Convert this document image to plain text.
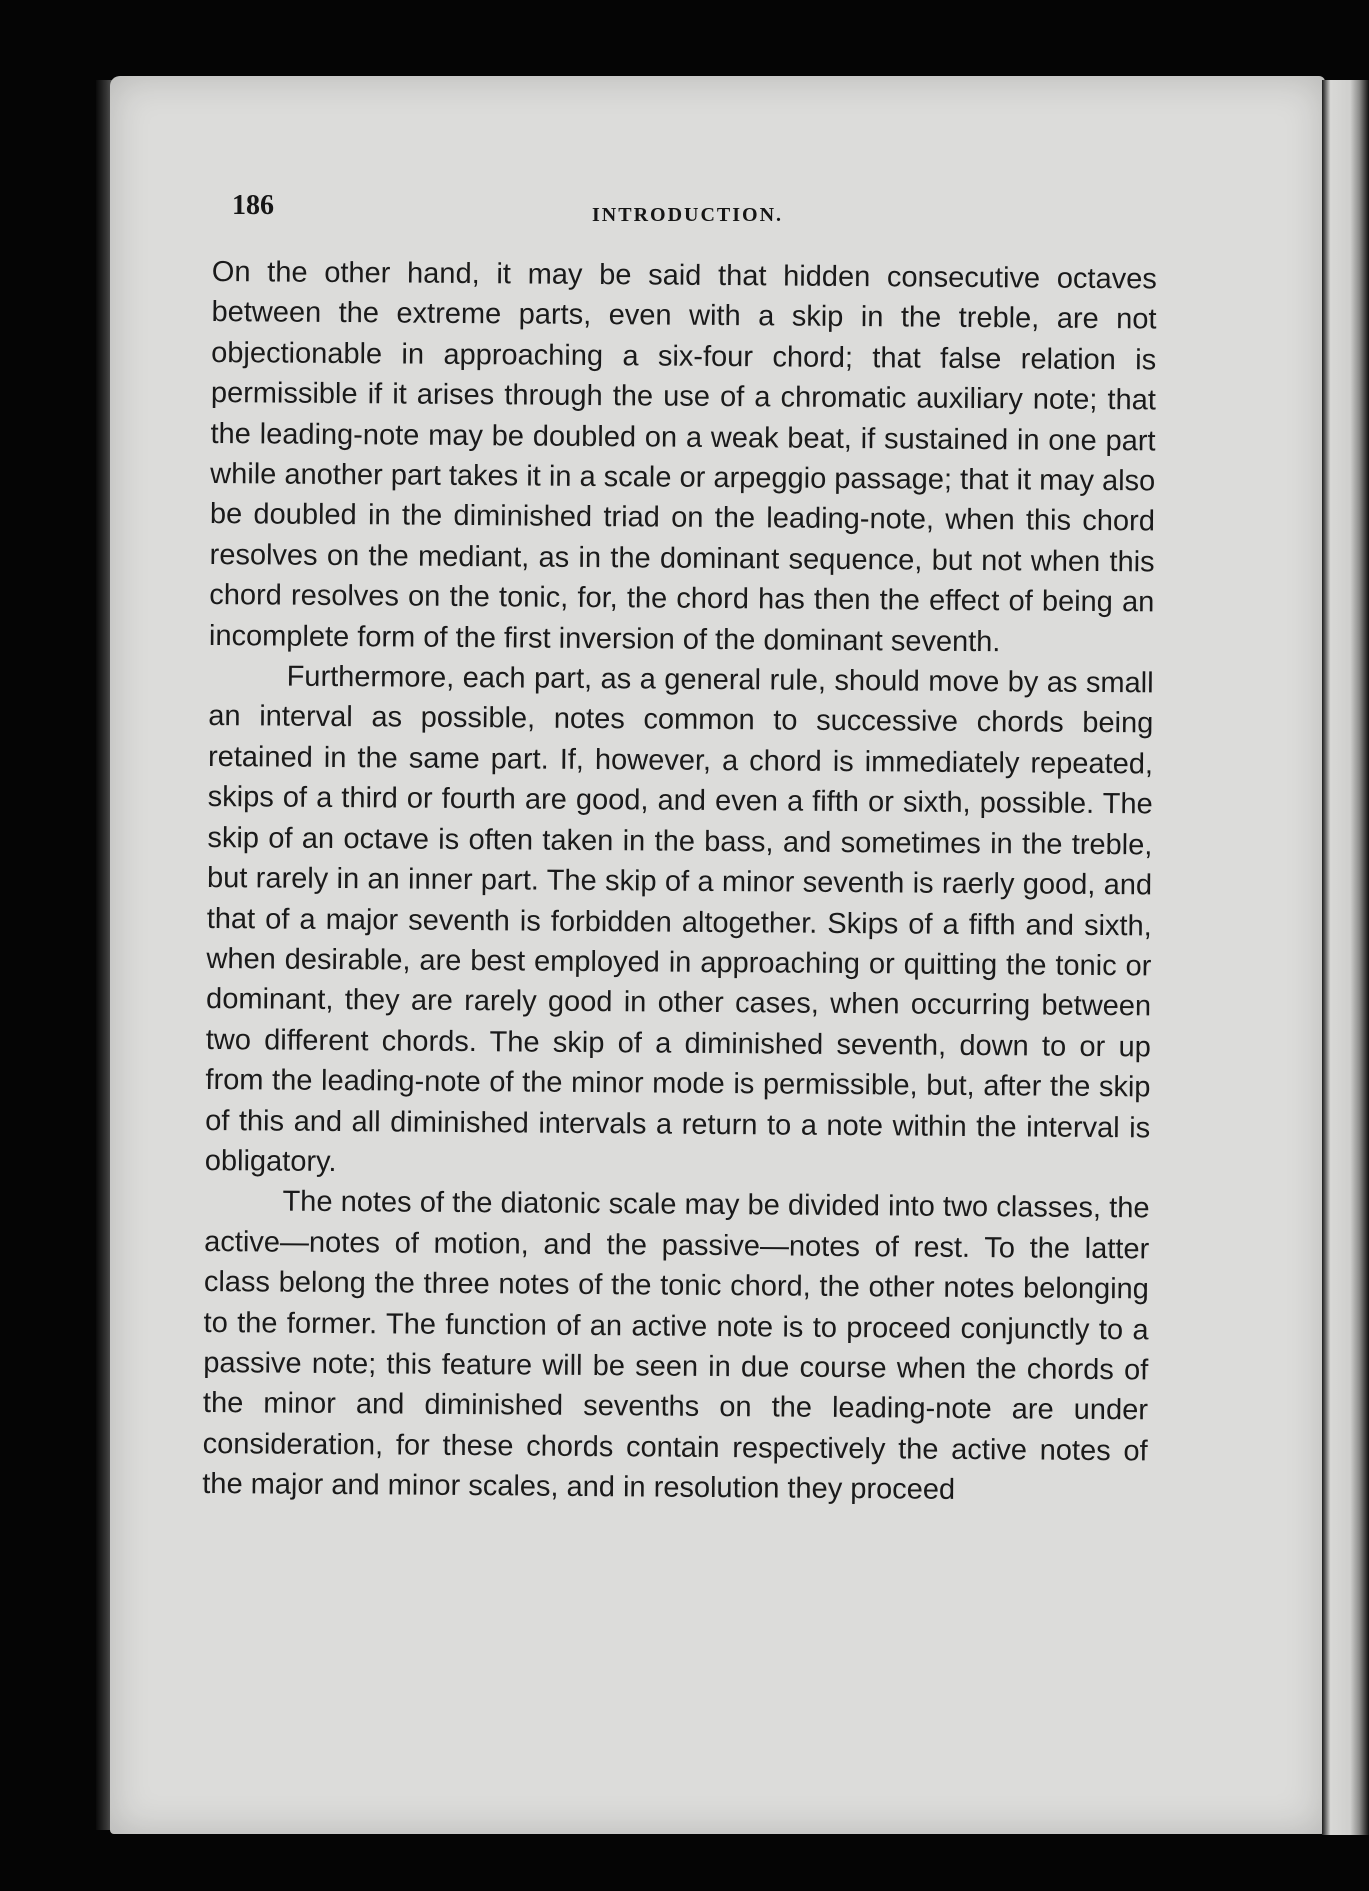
186	INTRODUCTION.

On the other hand, it may be said that hidden consecutive octaves between the extreme parts, even with a skip in the treble, are not objectionable in approaching a six-four chord; that false relation is permissible if it arises through the use of a chromatic auxiliary note; that the leading-note may be doubled on a weak beat, if sustained in one part while another part takes it in a scale or arpeggio passage; that it may also be doubled in the diminished triad on the leading-note, when this chord resolves on the mediant, as in the dominant sequence, but not when this chord resolves on the tonic, for, the chord has then the effect of being an incomplete form of the first inversion of the dominant seventh.

Furthermore, each part, as a general rule, should move by as small an interval as possible, notes common to successive chords being retained in the same part. If, however, a chord is immediately repeated, skips of a third or fourth are good, and even a fifth or sixth, possible. The skip of an octave is often taken in the bass, and sometimes in the treble, but rarely in an inner part. The skip of a minor seventh is raerly good, and that of a major seventh is forbidden altogether. Skips of a fifth and sixth, when desirable, are best employed in approaching or quitting the tonic or dominant, they are rarely good in other cases, when occurring between two different chords. The skip of a diminished seventh, down to or up from the leading-note of the minor mode is permissible, but, after the skip of this and all diminished intervals a return to a note within the interval is obligatory.

The notes of the diatonic scale may be divided into two classes, the active—notes of motion, and the passive—notes of rest. To the latter class belong the three notes of the tonic chord, the other notes belonging to the former. The function of an active note is to proceed conjunctly to a passive note; this feature will be seen in due course when the chords of the minor and diminished sevenths on the leading-note are under consideration, for these chords contain respectively the active notes of the major and minor scales, and in resolution they proceed
